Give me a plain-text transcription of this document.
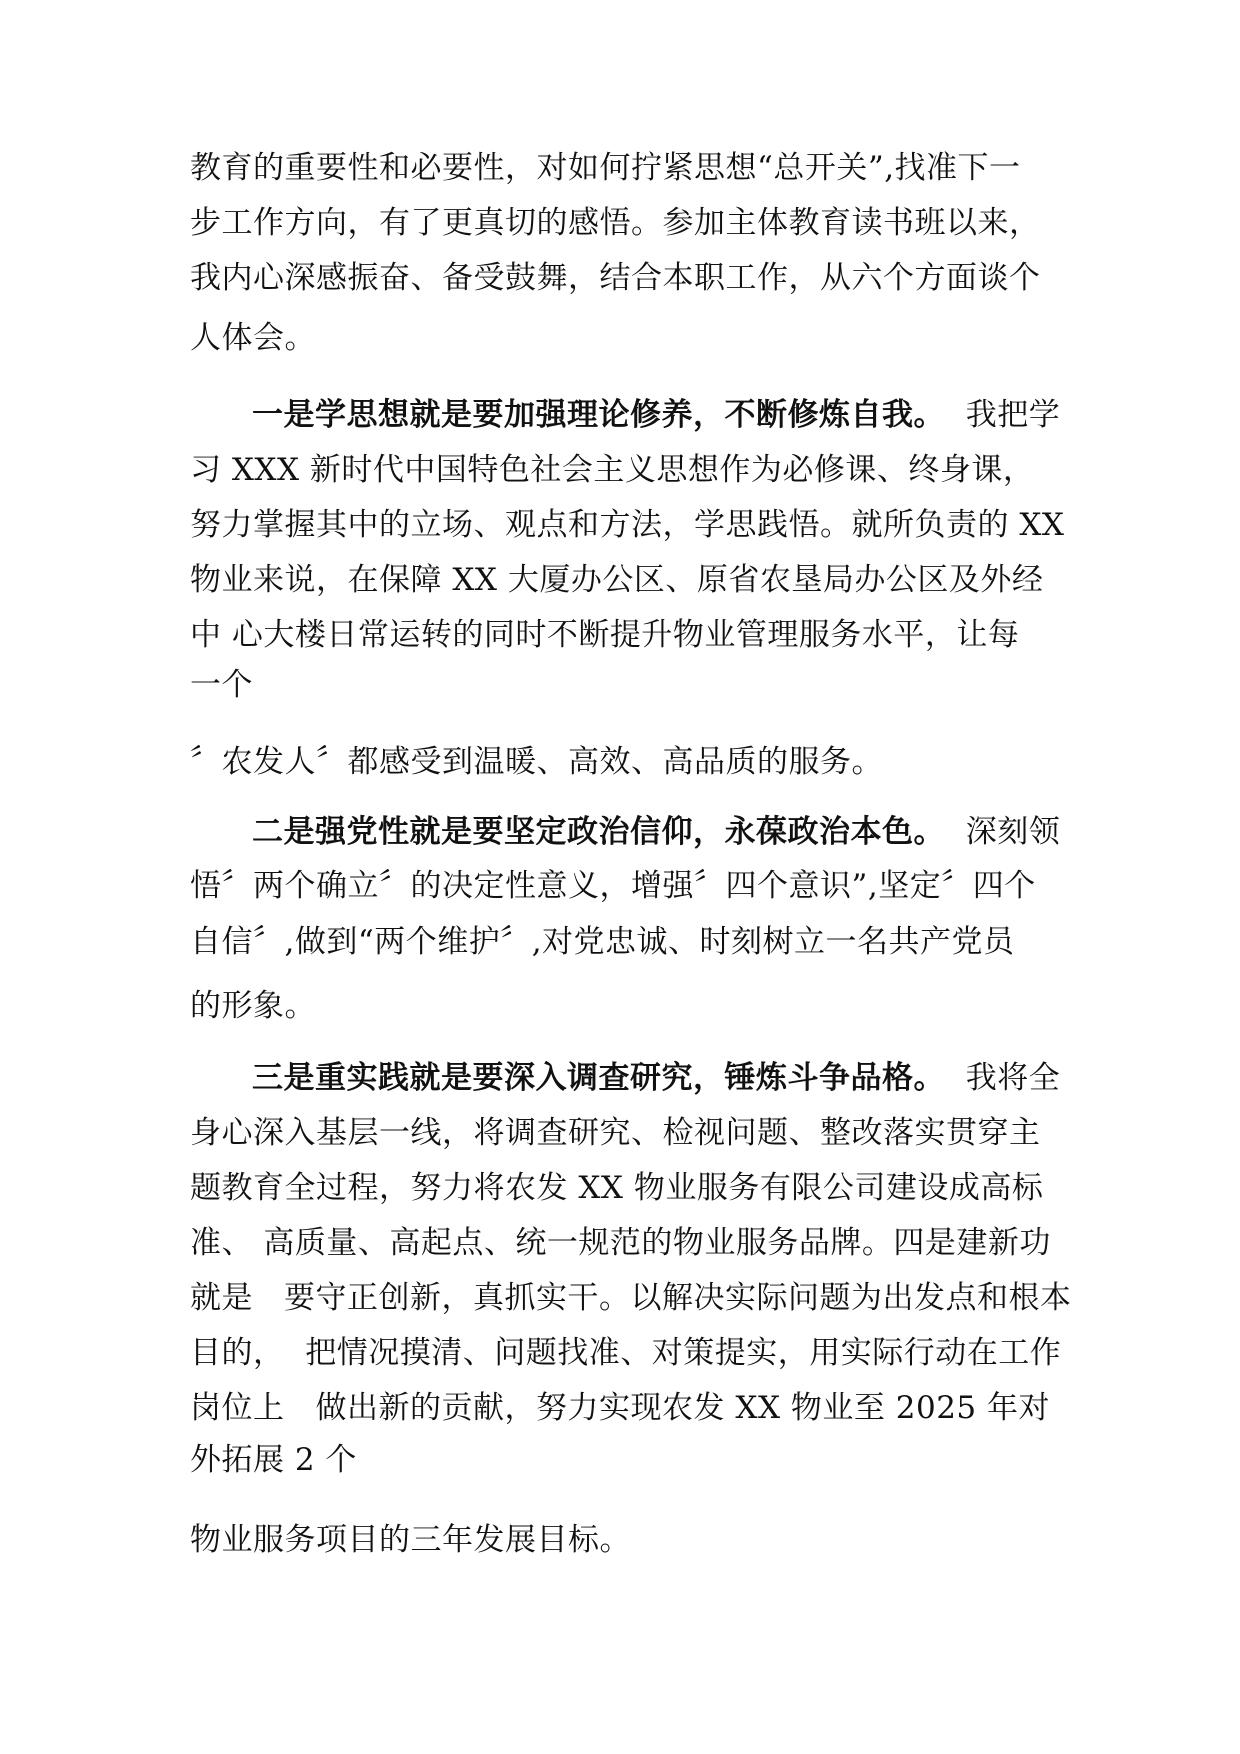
教育的重要性和必要性，对如何拧紧思想“总开关”,找准下一
步工作方向，有了更真切的感悟。参加主体教育读书班以来，
我内心深感振奋、备受鼓舞，结合本职工作，从六个方面谈个
人体会。
一是学思想就是要加强理论修养，不断修炼自我。  我把学
习 XXX 新时代中国特色社会主义思想作为必修课、终身课，
努力掌握其中的立场、观点和方法，学思践悟。就所负责的 XX
物业来说，在保障 XX 大厦办公区、原省农垦局办公区及外经
中 心大楼日常运转的同时不断提升物业管理服务水平，让每
一个
〞农发人〞都感受到温暖、高效、高品质的服务。
二是强党性就是要坚定政治信仰，永葆政治本色。  深刻领
悟〞两个确立〞的决定性意义，增强〞四个意识”,坚定〞四个
自信〞,做到“两个维护〞,对党忠诚、时刻树立一名共产党员
的形象。
三是重实践就是要深入调查研究，锤炼斗争品格。  我将全
身心深入基层一线，将调查研究、检视问题、整改落实贯穿主
题教育全过程，努力将农发 XX 物业服务有限公司建设成高标
准、 高质量、高起点、统一规范的物业服务品牌。四是建新功
就是   要守正创新，真抓实干。以解决实际问题为出发点和根本
目的，  把情况摸清、问题找准、对策提实，用实际行动在工作
岗位上   做出新的贡献，努力实现农发 XX 物业至 2025 年对
外拓展 2 个
物业服务项目的三年发展目标。
